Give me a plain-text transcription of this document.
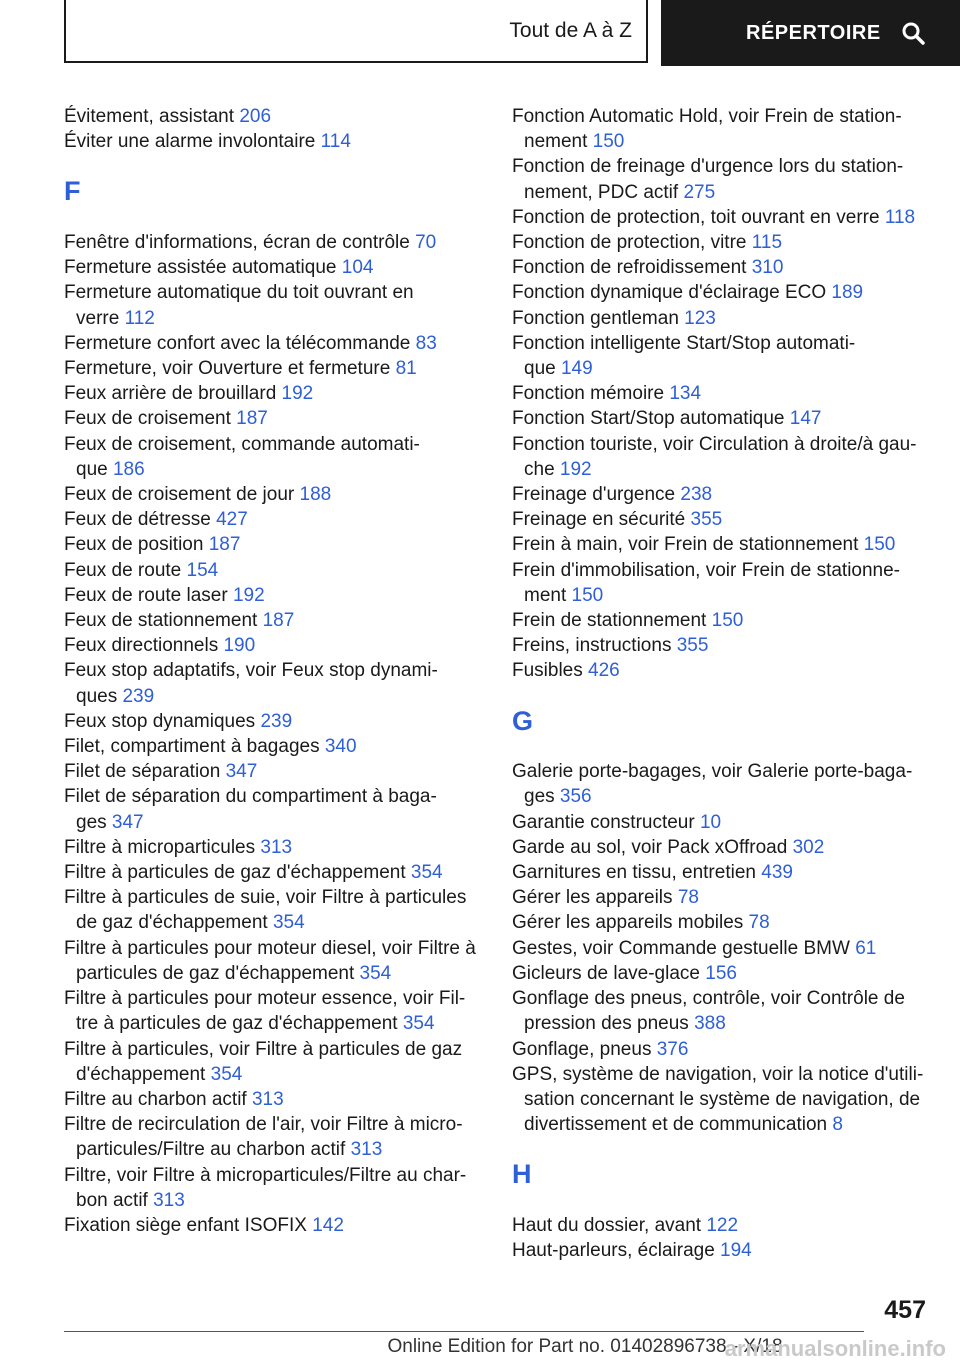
Tout de A à Z	RÉPERTOIRE
Évitement, assistant 206
Éviter une alarme involontaire 114
F
Fenêtre d'informations, écran de contrôle 70
Fermeture assistée automatique 104
Fermeture automatique du toit ouvrant en
verre 112
Fermeture confort avec la télécommande 83
Fermeture, voir Ouverture et fermeture 81
Feux arrière de brouillard 192
Feux de croisement 187
Feux de croisement, commande automati-
que 186
Feux de croisement de jour 188
Feux de détresse 427
Feux de position 187
Feux de route 154
Feux de route laser 192
Feux de stationnement 187
Feux directionnels 190
Feux stop adaptatifs, voir Feux stop dynami-
ques 239
Feux stop dynamiques 239
Filet, compartiment à bagages 340
Filet de séparation 347
Filet de séparation du compartiment à baga-
ges 347
Filtre à microparticules 313
Filtre à particules de gaz d'échappement 354
Filtre à particules de suie, voir Filtre à particules
de gaz d'échappement 354
Filtre à particules pour moteur diesel, voir Filtre à
particules de gaz d'échappement 354
Filtre à particules pour moteur essence, voir Fil-
tre à particules de gaz d'échappement 354
Filtre à particules, voir Filtre à particules de gaz
d'échappement 354
Filtre au charbon actif 313
Filtre de recirculation de l'air, voir Filtre à micro-
particules/Filtre au charbon actif 313
Filtre, voir Filtre à microparticules/Filtre au char-
bon actif 313
Fixation siège enfant ISOFIX 142
Fonction Automatic Hold, voir Frein de station-
nement 150
Fonction de freinage d'urgence lors du station-
nement, PDC actif 275
Fonction de protection, toit ouvrant en verre 118
Fonction de protection, vitre 115
Fonction de refroidissement 310
Fonction dynamique d'éclairage ECO 189
Fonction gentleman 123
Fonction intelligente Start/Stop automati-
que 149
Fonction mémoire 134
Fonction Start/Stop automatique 147
Fonction touriste, voir Circulation à droite/à gau-
che 192
Freinage d'urgence 238
Freinage en sécurité 355
Frein à main, voir Frein de stationnement 150
Frein d'immobilisation, voir Frein de stationne-
ment 150
Frein de stationnement 150
Freins, instructions 355
Fusibles 426
G
Galerie porte-bagages, voir Galerie porte-baga-
ges 356
Garantie constructeur 10
Garde au sol, voir Pack xOffroad 302
Garnitures en tissu, entretien 439
Gérer les appareils 78
Gérer les appareils mobiles 78
Gestes, voir Commande gestuelle BMW 61
Gicleurs de lave-glace 156
Gonflage des pneus, contrôle, voir Contrôle de
pression des pneus 388
Gonflage, pneus 376
GPS, système de navigation, voir la notice d'utili-
sation concernant le système de navigation, de
divertissement et de communication 8
H
Haut du dossier, avant 122
Haut-parleurs, éclairage 194
457
Online Edition for Part no. 01402896738 - X/18
armanualsonline.info
